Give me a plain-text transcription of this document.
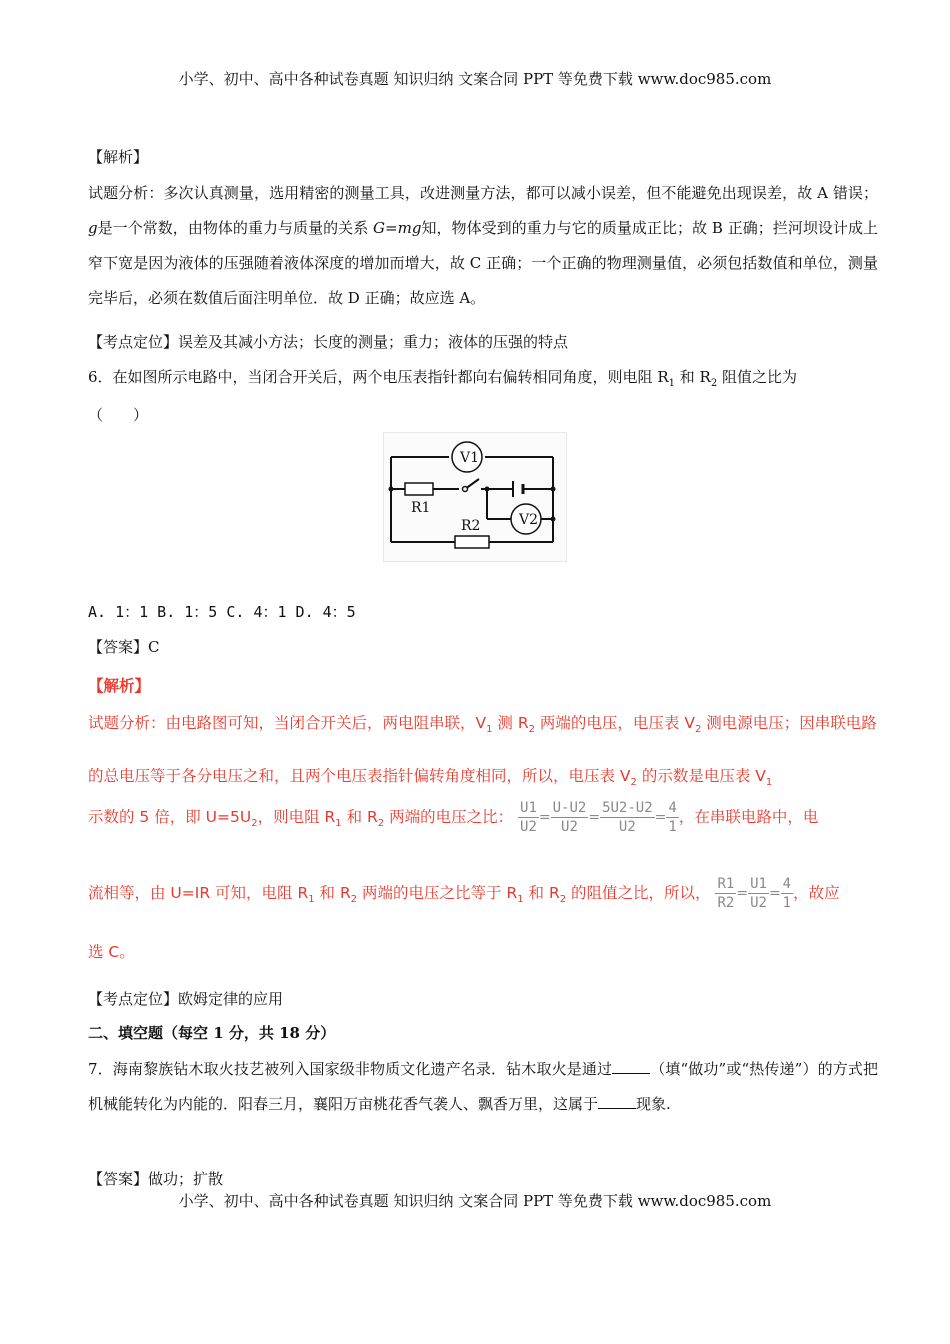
小学、初中、高中各种试卷真题 知识归纳 文案合同 PPT 等免费下载 www.doc985.com
【解析】
试题分析：多次认真测量，选用精密的测量工具，改进测量方法，都可以减小误差，但不能避免出现误差，故 A 错误； g是一个常数，由物体的重力与质量的关系 G=mg知，物体受到的重力与它的质量成正比；故 B 正确；拦河坝设计成上窄下宽是因为液体的压强随着液体深度的增加而增大，故 C 正确；一个正确的物理测量值，必须包括数值和单位，测量完毕后，必须在数值后面注明单位．故 D 正确；故应选 A。
【考点定位】误差及其减小方法；长度的测量；重力；液体的压强的特点
6．在如图所示电路中，当闭合开关后，两个电压表指针都向右偏转相同角度，则电阻 $R_1$ 和 $R_2$ 阻值之比为
（　　）
V1
V2
R1
R2
A. 1：1 B. 1：5 C. 4：1 D. 4：5
【答案】C
【解析】
试题分析：由电路图可知，当闭合开关后，两电阻串联，$V_1$ 测 $R_2$ 两端的电压，电压表 $V_2$ 测电源电压；因串联电路的总电压等于各分电压之和，且两个电压表指针偏转角度相同，所以，电压表 $V_2$ 的示数是电压表 $V_1$
示数的 5 倍，即 $U=5U_2$，则电阻 $R_1$ 和 $R_2$ 两端的电压之比： $\frac{U1}{U2} = \frac{U-U2}{U2} = \frac{5U2-U2}{U2} = \frac{4}{1}$ ，在串联电路中，电
流相等，由 U=IR 可知，电阻 $R_1$ 和 $R_2$ 两端的电压之比等于 $R_1$ 和 $R_2$ 的阻值之比，所以， $\frac{R1}{R2} = \frac{U1}{U2} = \frac{4}{1}$ ，故应
选 C。
【考点定位】欧姆定律的应用
二、填空题（每空 1 分，共 18 分）
7．海南黎族钻木取火技艺被列入国家级非物质文化遗产名录．钻木取火是通过	（填“做功”或“热传递”）的方式把机械能转化为内能的．阳春三月，襄阳万亩桃花香气袭人、飘香万里，这属于	现象.
【答案】做功；扩散
小学、初中、高中各种试卷真题 知识归纳 文案合同 PPT 等免费下载 www.doc985.com
